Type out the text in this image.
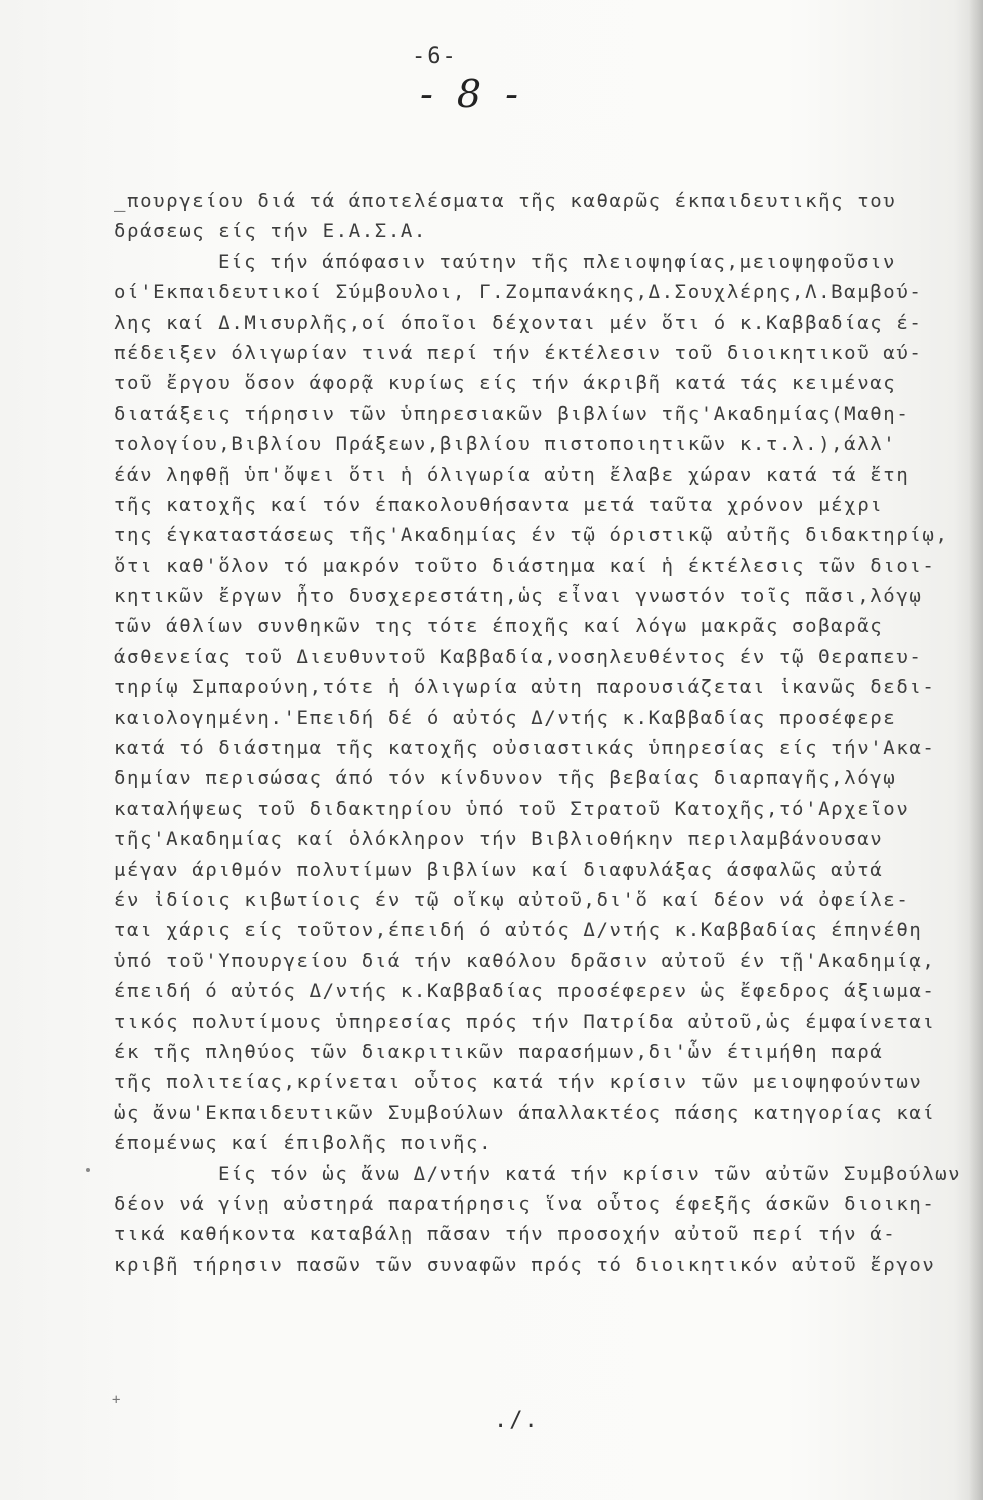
-6-
- 8 -
_πουργείου διά τά άποτελέσματα τῆς καθαρῶς έκπαιδευτικῆς του
δράσεως είς τήν Ε.Α.Σ.Α.
Είς τήν άπόφασιν ταύτην τῆς πλειοψηφίας,μειοψηφοῦσιν
οί'Εκπαιδευτικοί Σύμβουλοι, Γ.Ζομπανάκης,Δ.Σουχλέρης,Λ.Βαμβού-
λης καί Δ.Μισυρλῆς,οί όποῖοι δέχονται μέν ὅτι ό κ.Καββαδίας έ-
πέδειξεν όλιγωρίαν τινά περί τήν έκτέλεσιν τοῦ διοικητικοῦ αύ-
τοῦ ἔργου ὅσον άφορᾷ κυρίως είς τήν άκριβῆ κατά τάς κειμένας
διατάξεις τήρησιν τῶν ὑπηρεσιακῶν βιβλίων τῆς'Ακαδημίας(Μαθη-
τολογίου,Βιβλίου Πράξεων,βιβλίου πιστοποιητικῶν κ.τ.λ.),άλλ'
έάν ληφθῇ ὑπ'ὄψει ὅτι ἡ όλιγωρία αὐτη ἔλαβε χώραν κατά τά ἔτη
τῆς κατοχῆς καί τόν έπακολουθήσαντα μετά ταῦτα χρόνον μέχρι
της έγκαταστάσεως τῆς'Ακαδημίας έν τῷ όριστικῷ αὐτῆς διδακτηρίῳ,
ὅτι καθ'ὅλον τό μακρόν τοῦτο διάστημα καί ἡ έκτέλεσις τῶν διοι-
κητικῶν ἔργων ἦτο δυσχερεστάτη,ὡς εἶναι γνωστόν τοῖς πᾶσι,λόγῳ
τῶν άθλίων συνθηκῶν της τότε έποχῆς καί λόγω μακρᾶς σοβαρᾶς
άσθενείας τοῦ Διευθυντοῦ Καββαδία,νοσηλευθέντος έν τῷ Θεραπευ-
τηρίῳ Σμπαρούνη,τότε ἡ όλιγωρία αὐτη παρουσιάζεται ἱκανῶς δεδι-
καιολογημένη.'Επειδή δέ ό αὐτός Δ/ντής κ.Καββαδίας προσέφερε
κατά τό διάστημα τῆς κατοχῆς οὐσιαστικάς ὑπηρεσίας είς τήν'Ακα-
δημίαν περισώσας άπό τόν κίνδυνον τῆς βεβαίας διαρπαγῆς,λόγῳ
καταλήψεως τοῦ διδακτηρίου ὑπό τοῦ Στρατοῦ Κατοχῆς,τό'Αρχεῖον
τῆς'Ακαδημίας καί ὁλόκληρον τήν Βιβλιοθήκην περιλαμβάνουσαν
μέγαν άριθμόν πολυτίμων βιβλίων καί διαφυλάξας άσφαλῶς αὐτά
έν ἰδίοις κιβωτίοις έν τῷ οἴκῳ αὐτοῦ,δι'ὅ καί δέον νά ὀφείλε-
ται χάρις είς τοῦτον,έπειδή ό αὐτός Δ/ντής κ.Καββαδίας έπηνέθη
ὑπό τοῦ'Υπουργείου διά τήν καθόλου δρᾶσιν αὐτοῦ έν τῇ'Ακαδημίᾳ,
έπειδή ό αὐτός Δ/ντής κ.Καββαδίας προσέφερεν ὡς ἔφεδρος άξιωμα-
τικός πολυτίμους ὑπηρεσίας πρός τήν Πατρίδα αὐτοῦ,ὡς έμφαίνεται
έκ τῆς πληθύος τῶν διακριτικῶν παρασήμων,δι'ὧν έτιμήθη παρά
τῆς πολιτείας,κρίνεται οὗτος κατά τήν κρίσιν τῶν μειοψηφούντων
ὡς ἄνω'Εκπαιδευτικῶν Συμβούλων άπαλλακτέος πάσης κατηγορίας καί
έπομένως καί έπιβολῆς ποινῆς.
Είς τόν ὡς ἄνω Δ/ντήν κατά τήν κρίσιν τῶν αὐτῶν Συμβούλων
δέον νά γίνῃ αὐστηρά παρατήρησις ἵνα οὗτος έφεξῆς άσκῶν διοικη-
τικά καθήκοντα καταβάλῃ πᾶσαν τήν προσοχήν αὐτοῦ περί τήν ά-
κριβῆ τήρησιν πασῶν τῶν συναφῶν πρός τό διοικητικόν αὐτοῦ ἔργον
+
./.
